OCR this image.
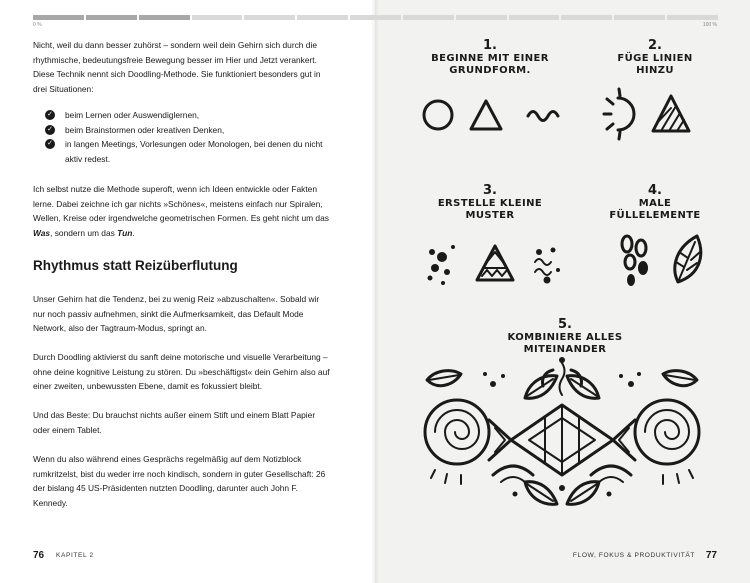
Nicht, weil du dann besser zuhörst – sondern weil dein Gehirn sich durch die rhythmische, bedeutungsfreie Bewegung besser im Hier und Jetzt verankert. Diese Technik nennt sich Doodling-Methode. Sie funktioniert besonders gut in drei Situationen:

✓ beim Lernen oder Auswendiglernen,
✓ beim Brainstormen oder kreativen Denken,
✓ in langen Meetings, Vorlesungen oder Monologen, bei denen du nicht aktiv redest.

Ich selbst nutze die Methode superoft, wenn ich Ideen entwickle oder Fakten lerne. Dabei zeichne ich gar nichts »Schönes«, meistens einfach nur Spiralen, Wellen, Kreise oder irgendwelche geometrischen Formen. Es geht nicht um das Was, sondern um das Tun.

Rhythmus statt Reizüberflutung

Unser Gehirn hat die Tendenz, bei zu wenig Reiz »abzuschalten«. Sobald wir nur noch passiv aufnehmen, sinkt die Aufmerksamkeit, das Default Mode Network, also der Tagtraum-Modus, springt an.

Durch Doodling aktivierst du sanft deine motorische und visuelle Verarbeitung – ohne deine kognitive Leistung zu stören. Du »beschäftigst« dein Gehirn also auf einer zweiten, unbewussten Ebene, damit es fokussiert bleibt.

Und das Beste: Du brauchst nichts außer einem Stift und einem Blatt Papier oder einem Tablet.

Wenn du also während eines Gesprächs regelmäßig auf dem Notizblock rumkritzelst, bist du weder irre noch kindisch, sondern in guter Gesellschaft: 26 der bislang 45 US-Präsidenten nutzten Doodling, darunter auch John F. Kennedy.

76 KAPITEL 2
1.
BEGINNE MIT EINER
GRUNDFORM.
2.
FÜGE LINIEN
HINZU
3.
ERSTELLE KLEINE
MUSTER
4.
MALE
FÜLLELEMENTE
5.
KOMBINIERE ALLES
MITEINANDER
FLOW, FOKUS & PRODUKTIVITÄT 77
0 %	100 %
